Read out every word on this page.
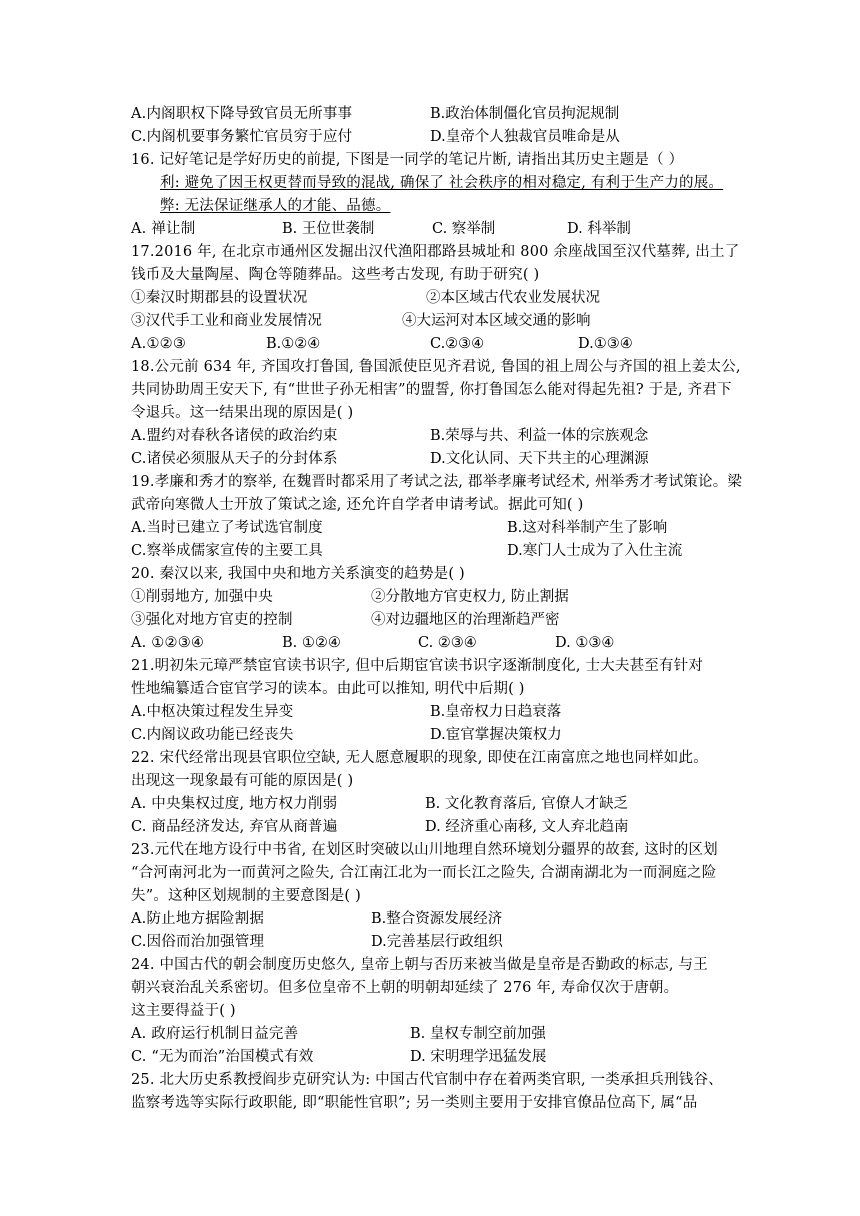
A.内阁职权下降导致官员无所事事	B.政治体制僵化官员拘泥规制
C.内阁机要事务繁忙官员穷于应付	D.皇帝个人独裁官员唯命是从
16. 记好笔记是学好历史的前提, 下图是一同学的笔记片断, 请指出其历史主题是（ ）
利: 避免了因王权更替而导致的混战, 确保了 社会秩序的相对稳定, 有利于生产力的展。
弊: 无法保证继承人的才能、品德。
A. 禅让制	B. 王位世袭制	C. 察举制	D. 科举制
17.2016 年, 在北京市通州区发掘出汉代渔阳郡路县城址和 800 余座战国至汉代墓葬, 出土了
钱币及大量陶屋、陶仓等随葬品。这些考古发现, 有助于研究( )
①秦汉时期郡县的设置状况	②本区域古代农业发展状况
③汉代手工业和商业发展情况	④大运河对本区域交通的影响
A.①②③	B.①②④	C.②③④	D.①③④
18.公元前 634 年, 齐国攻打鲁国, 鲁国派使臣见齐君说, 鲁国的祖上周公与齐国的祖上姜太公,
共同协助周王安天下, 有“世世子孙无相害”的盟誓, 你打鲁国怎么能对得起先祖? 于是, 齐君下
令退兵。这一结果出现的原因是( )
A.盟约对春秋各诸侯的政治约束	B.荣辱与共、利益一体的宗族观念
C.诸侯必须服从天子的分封体系	D.文化认同、天下共主的心理渊源
19.孝廉和秀才的察举, 在魏晋时都采用了考试之法, 郡举孝廉考试经术, 州举秀才考试策论。梁
武帝向寒微人士开放了策试之途, 还允许自学者申请考试。据此可知( )
A.当时已建立了考试选官制度	B.这对科举制产生了影响
C.察举成儒家宣传的主要工具	D.寒门人士成为了入仕主流
20. 秦汉以来, 我国中央和地方关系演变的趋势是( )
①削弱地方, 加强中央	②分散地方官吏权力, 防止割据
③强化对地方官吏的控制	④对边疆地区的治理渐趋严密
A. ①②③④	B. ①②④	C. ②③④	D. ①③④
21.明初朱元璋严禁宦官读书识字, 但中后期宦官读书识字逐渐制度化, 士大夫甚至有针对
性地编纂适合宦官学习的读本。由此可以推知, 明代中后期( )
A.中枢决策过程发生异变	B.皇帝权力日趋衰落
C.内阁议政功能已经丧失	D.宦官掌握决策权力
22. 宋代经常出现县官职位空缺, 无人愿意履职的现象, 即使在江南富庶之地也同样如此。
出现这一现象最有可能的原因是( )
A. 中央集权过度, 地方权力削弱	B. 文化教育落后, 官僚人才缺乏
C. 商品经济发达, 弃官从商普遍	D. 经济重心南移, 文人弃北趋南
23.元代在地方设行中书省, 在划区时突破以山川地理自然环境划分疆界的故套, 这时的区划
“合河南河北为一而黄河之险失, 合江南江北为一而长江之险失, 合湖南湖北为一而洞庭之险
失”。这种区划规制的主要意图是( )
A.防止地方据险割据	B.整合资源发展经济
C.因俗而治加强管理	D.完善基层行政组织
24. 中国古代的朝会制度历史悠久, 皇帝上朝与否历来被当做是皇帝是否勤政的标志, 与王
朝兴衰治乱关系密切。但多位皇帝不上朝的明朝却延续了 276 年, 寿命仅次于唐朝。
这主要得益于( )
A. 政府运行机制日益完善	B. 皇权专制空前加强
C. “无为而治”治国模式有效	D. 宋明理学迅猛发展
25. 北大历史系教授阎步克研究认为: 中国古代官制中存在着两类官职, 一类承担兵刑钱谷、
监察考选等实际行政职能, 即“职能性官职”; 另一类则主要用于安排官僚品位高下, 属“品
